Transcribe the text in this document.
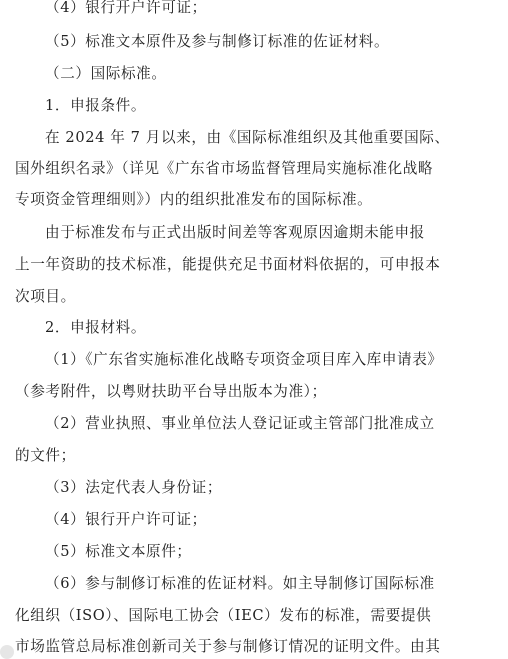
（4）银行开户许可证；
（5）标准文本原件及参与制修订标准的佐证材料。
（二）国际标准。
1．申报条件。
在 2024 年 7 月以来，由《国际标准组织及其他重要国际、
国外组织名录》（详见《广东省市场监督管理局实施标准化战略
专项资金管理细则》）内的组织批准发布的国际标准。
由于标准发布与正式出版时间差等客观原因逾期未能申报
上一年资助的技术标准，能提供充足书面材料依据的，可申报本
次项目。
2．申报材料。
（1）《广东省实施标准化战略专项资金项目库入库申请表》
（参考附件，以粤财扶助平台导出版本为准）；
（2）营业执照、事业单位法人登记证或主管部门批准成立
的文件；
（3）法定代表人身份证；
（4）银行开户许可证；
（5）标准文本原件；
（6）参与制修订标准的佐证材料。如主导制修订国际标准
化组织（ISO）、国际电工协会（IEC）发布的标准，需要提供
市场监管总局标准创新司关于参与制修订情况的证明文件。由其
